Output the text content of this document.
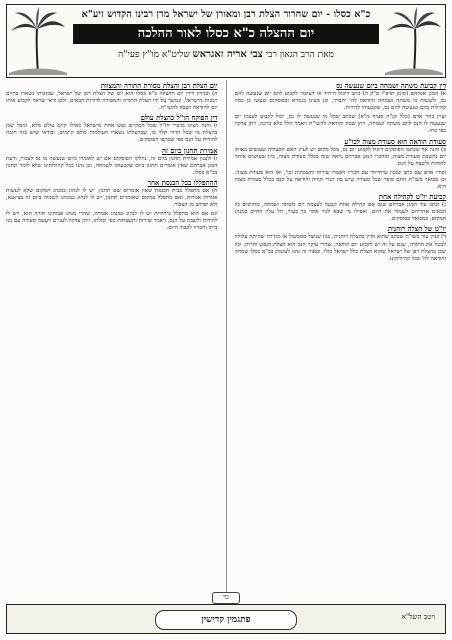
כ"א כסלו - יום שחרור הצלת רבן ומאורן של ישראל מרן רבינו הקדוש זיע"א
יום ההצלה כ"א כסלו לאור ההלכה
מאת הרב הגאון רבי צבי אריה זאגראש שליט"א מו"ץ פעי"ה
דין קביעת משתה ושמחה ביום שנעשה נס

א) המגן אברהם (סימן תרפ"ו ס"ק ה) כתב דיכול היחיד או הציבור לקבוע להם יום שנעשה להם נס, ולעשות בו משתה ושמחה והודאה לה' יתברך, וכן מצינו בגמרא ובפוסקים שעשו כן כמה קהילות ביום שנעשה להם נס, שקבעוהו לדורות.

ועיין בחיי אדם (כלל קנ"ה סעיף מ"א) שכתב שכל מי שנעשה לו נס, יכול לקבוע לעצמו יום שנעשה לו הנס ליום משתה ושמחה, ויתן שבח והודאה להשי"ת ויאמר הלל בלא ברכה, ויתן צדקה כפי כחו.

סעודת הודאה הוא סעודת מצוה לכו"ע

ב) והנה אף שכתבו הפוסקים דיכול לקבוע יום נס, מכל מקום יש לעיין האם הסעודה שעושים באותו יום נחשבת סעודת מצוה, ומדברי המגן אברהם נראה שזה בכלל סעודת מצוה, כיון שעושים אותה להודות ולשבח על הנס.

ובחיי אדם שם כתב שנכון שיתייחד עם חבריו ויאמרו שירות ותשבחות וכו', ואז הוא סעודת מצוה. וכן מבואר בשו"ת חתם סופר שכל סעודה שיש בה דברי תורה והודאה על הנס בכלל סעודת מצוה היא.

קביעת יו"ט לקהילה אחת

ג) וכתב עוד המגן אברהם שגם אם קהילה אחת קבעה לעצמה יום משתה ושמחה, מחויבים כל הבאים אחריהם לשמור את היום, ואפילו מי שבא לגור אחר כך בעיר, חל עליו החיוב כמנהג המקום, כמבואר בפוסקים.

יו"ט של הצלה רוחנית

ד) ועיין עוד בשו"ת שכתב שהוא הדין בהצלה רוחנית, כגון שניצל ממכשול או מגזירה שהיתה עלולה לבטל את התורה, שגם על זה יש לקבוע יום הודאה, שהרי עיקר הנס הוא הצלת הנפש והרוח, וכל שכן בהצלת רבן של ישראל שהוא הצלת כלל ישראל כולו, ובאור זה נהגו לעשות בכ"א כסלו שמחה והודאה לה' בכל קהילותינו.

יום הצלת רבן והצלת מסורת התורה והמצוות

ה) ובנידון דידן יום ההצלה כ"א כסלו הוא יום של הצלת רבן של ישראל, שבזכותו נשארו בחיים רבבות מישראל, ונמשך על ידו הצלת התורה והמסורה לדורות הבאים, ולכן ודאי שראוי לקבוע אותו יום להודאה ושבח להשי"ת.

דין הפוקח הו"ל כהצלת עולם

ו) והנה מצינו בדברי חז"ל שכל המקיים נפש אחת מישראל כאילו קיים עולם מלא, ומכל שכן בהצלת מי שכל הדור תלוי בו, שבהצלתו נשארו העולמות כולם קיימים, ובודאי שיש בזה חובה להודות על הנס כפי שכתבו הפוסקים.

אמירת תחנון ביום זה

ז) ולענין אמירת תחנון ביום זה, נחלקו הפוסקים אם יש לאומרו ביום שנעשה בו נס לצבור, ודעת המגן אברהם שאין אומרים תחנון ביום שקבעוהו לשמחה, וכן נהגו בכל קהילותינו שלא לומר תחנון בכ"א כסלו.

ההתפללו בכל הכנסת אחר

ח) אם מתפלל בבית הכנסת שאין אומרים שם תחנון, יש לו לנהוג כמנהג המקום שלא לעשות אגודות אגודות, ואם מתפלל במקום שאומרים תחנון, יש לו לנהוג כמנהגו לשמוח ביום זה בצינעא, ולא יפרוש מן הצבור.

וגם אם הוא מתפלל ביחידות יש לו לנהוג כמנהג אבותיו, שהרי מנהג אבותינו תורה הוא, ויש לו להודות ולשבח על הנס, ויאמר שירות ותשבחות כפי יכולתו, ויתן צדקה לעניים ויעשה סעודה עם בני ביתו וחבריו לכבוד היום.

כד
ויטב השל"א
פתגמין קדישין
